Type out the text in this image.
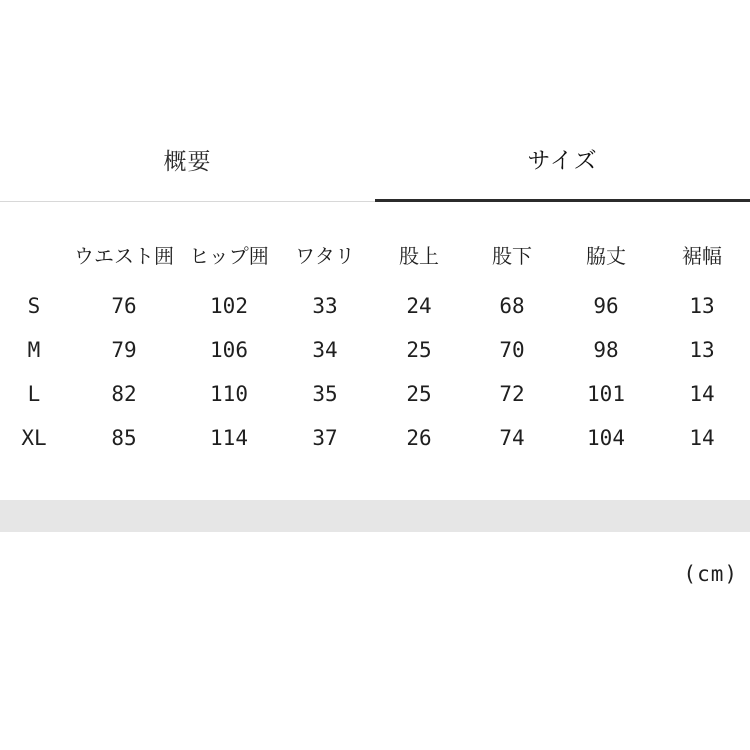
概要	サイズ
	ウエスト囲	ヒップ囲	ワタリ	股上	股下	脇丈	裾幅
S	76	102	33	24	68	96	13
M	79	106	34	25	70	98	13
L	82	110	35	25	72	101	14
XL	85	114	37	26	74	104	14
(cm)
